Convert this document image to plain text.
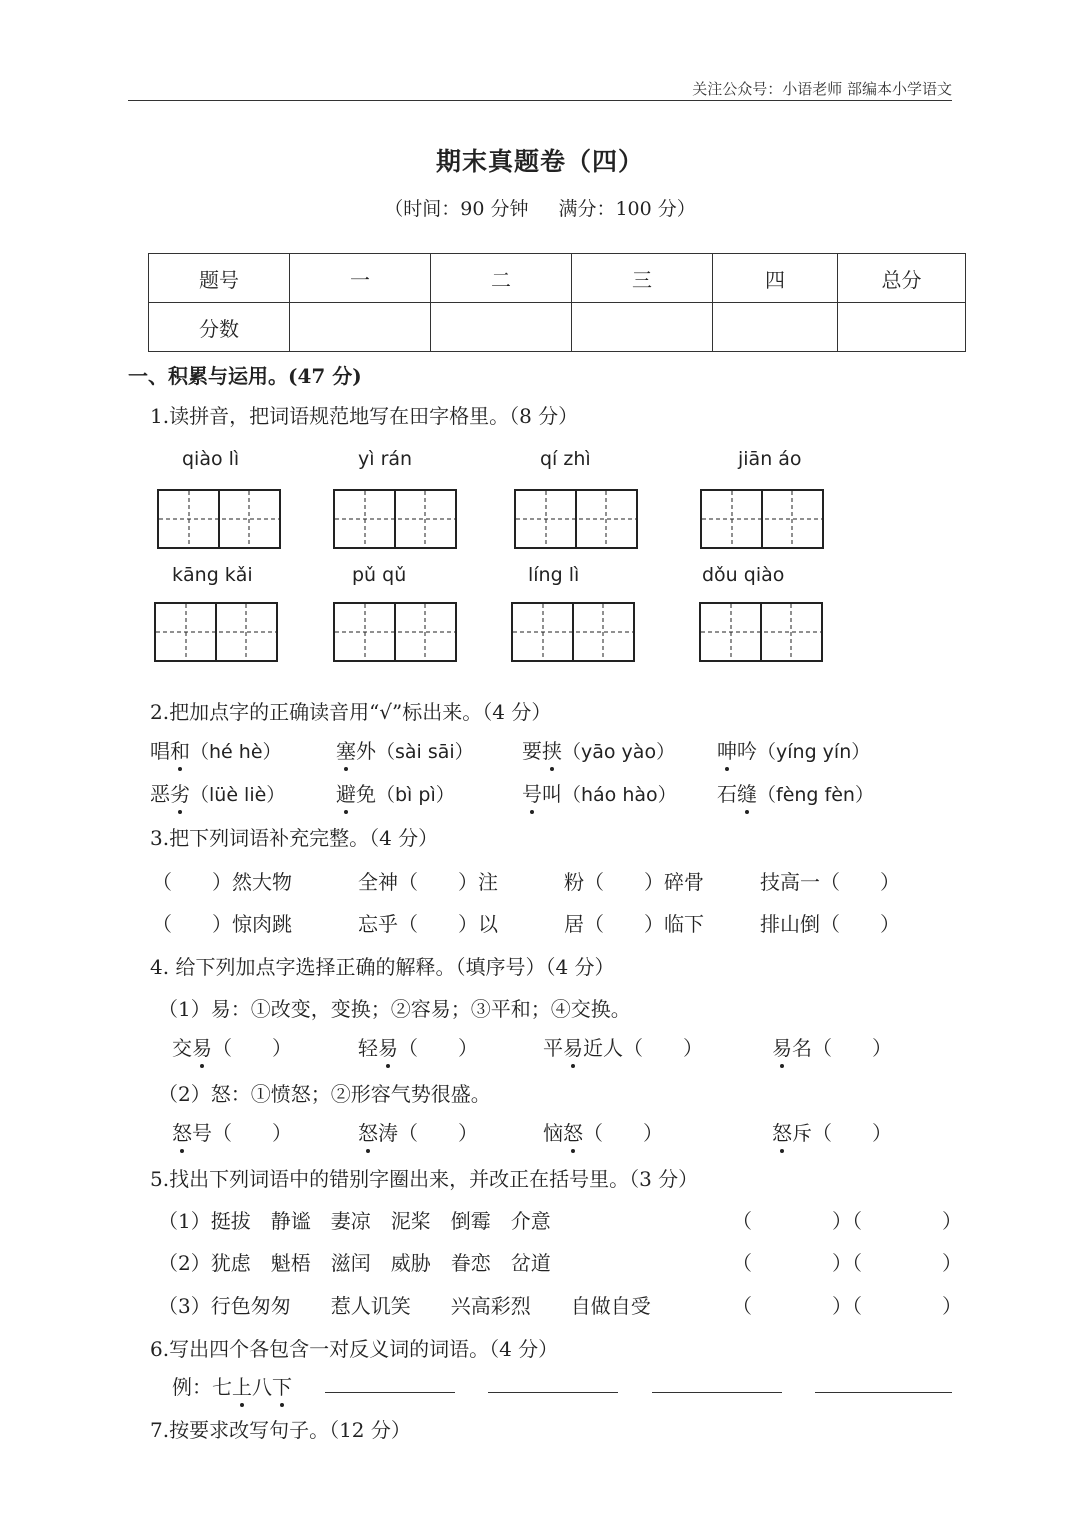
关注公众号：小语老师 部编本小学语文
期末真题卷（四）
（时间：90 分钟 满分：100 分）
题号	一	二	三	四	总分
分数					
一、积累与运用。(47 分)
1.读拼音，把词语规范地写在田字格里。（8 分）
qiào lì	yì rán	qí zhì	jiān áo
kāng kǎi	pǔ qǔ	líng lì	dǒu qiào
2.把加点字的正确读音用“√”标出来。（4 分）
唱和（hé hè）	塞外（sài sāi） 要挟（yāo yào） 呻吟（yíng yín）
恶劣（lüè liè）	避免（bì pì）	号叫（háo hào） 石缝（fèng fèn）
3.把下列词语补充完整。（4 分）
（　　）然大物	全神（　　）注	粉（　　）碎骨	技高一（　　）
（　　）惊肉跳	忘乎（　　）以	居（　　）临下	排山倒（　　）
4. 给下列加点字选择正确的解释。（填序号）（4 分）
（1）易：①改变，变换；②容易；③平和；④交换。
交易（　　）	轻易（　　）	平易近人（　　）	易名（　　）
（2）怒：①愤怒；②形容气势很盛。
怒号（　　）	怒涛（　　）	恼怒（　　）	怒斥（　　）
5.找出下列词语中的错别字圈出来，并改正在括号里。（3 分）
（1）挺拔　静谧　妻凉　泥桨　倒霉　介意	（　　　　）（　　　　）
（2）犹虑　魁梧　滋闰　威胁　眷恋　岔道	（　　　　）（　　　　）
（3）行色匆匆　　惹人讥笑　　兴高彩烈　　自做自受	（　　　　）（　　　　）
6.写出四个各包含一对反义词的词语。（4 分）
例：七上八下
7.按要求改写句子。（12 分）
